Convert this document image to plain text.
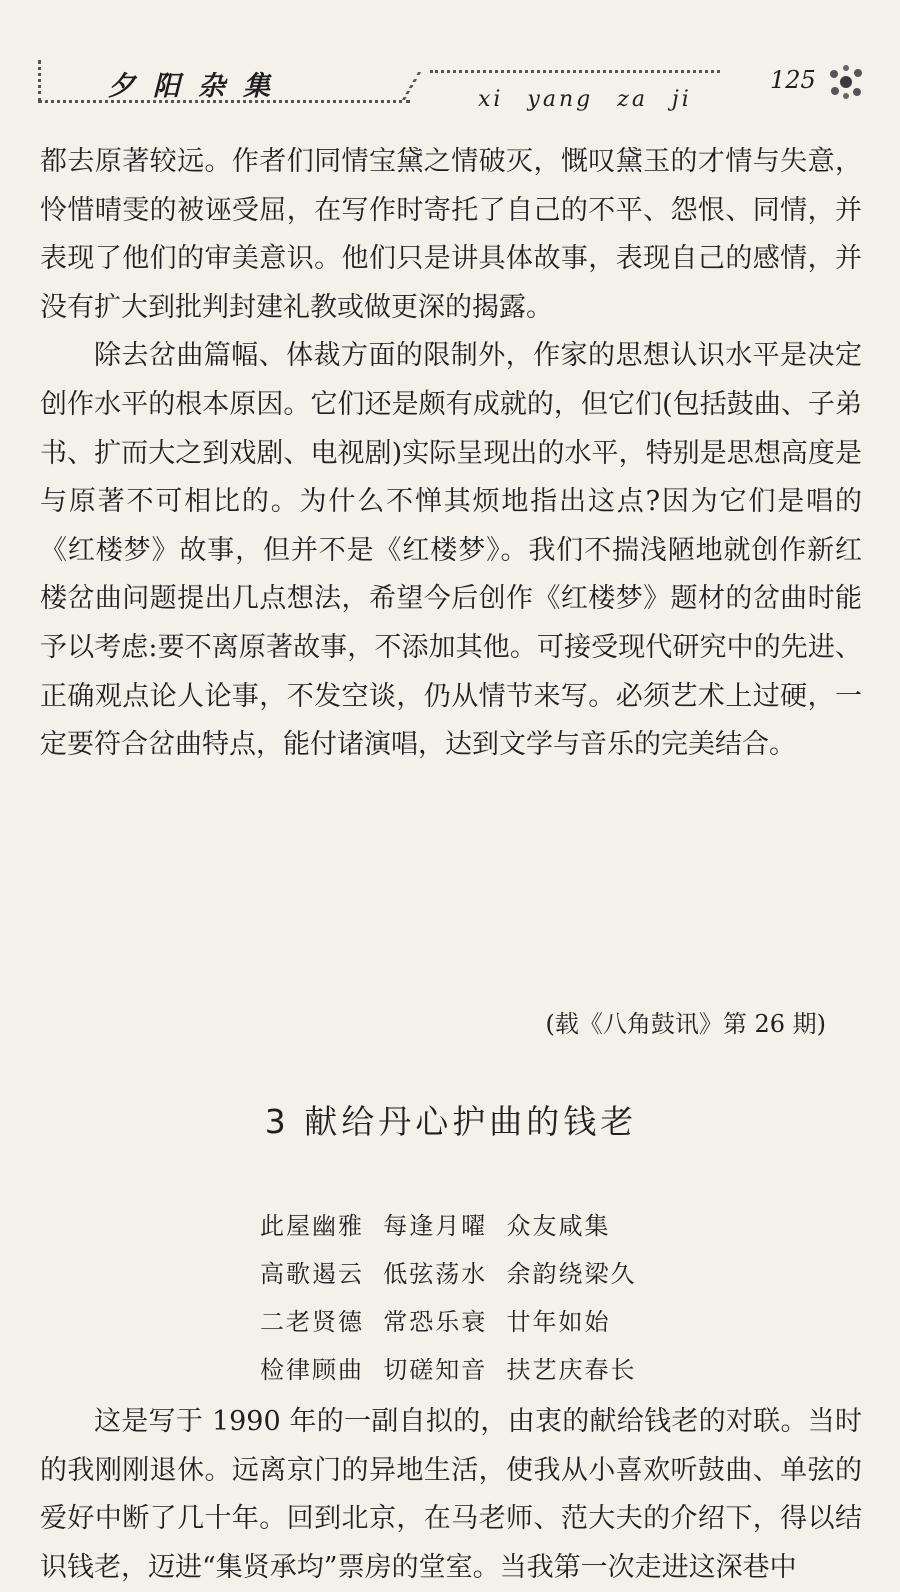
夕阳杂集	xi yang za ji
125

都去原著较远。作者们同情宝黛之情破灭，慨叹黛玉的才情与失意，怜惜晴雯的被诬受屈，在写作时寄托了自己的不平、怨恨、同情，并表现了他们的审美意识。他们只是讲具体故事，表现自己的感情，并没有扩大到批判封建礼教或做更深的揭露。

除去岔曲篇幅、体裁方面的限制外，作家的思想认识水平是决定创作水平的根本原因。它们还是颇有成就的，但它们(包括鼓曲、子弟书、扩而大之到戏剧、电视剧)实际呈现出的水平，特别是思想高度是与原著不可相比的。为什么不惮其烦地指出这点?因为它们是唱的《红楼梦》故事，但并不是《红楼梦》。我们不揣浅陋地就创作新红楼岔曲问题提出几点想法，希望今后创作《红楼梦》题材的岔曲时能予以考虑:要不离原著故事，不添加其他。可接受现代研究中的先进、正确观点论人论事，不发空谈，仍从情节来写。必须艺术上过硬，一定要符合岔曲特点，能付诸演唱，达到文学与音乐的完美结合。

(载《八角鼓讯》第 26 期)
3 献给丹心护曲的钱老
此屋幽雅  每逢月曜  众友咸集
高歌遏云  低弦荡水  余韵绕梁久
二老贤德  常恐乐衰  廿年如始
检律顾曲  切磋知音  扶艺庆春长

这是写于 1990 年的一副自拟的，由衷的献给钱老的对联。当时的我刚刚退休。远离京门的异地生活，使我从小喜欢听鼓曲、单弦的爱好中断了几十年。回到北京，在马老师、范大夫的介绍下，得以结识钱老，迈进“集贤承均”票房的堂室。当我第一次走进这深巷中
